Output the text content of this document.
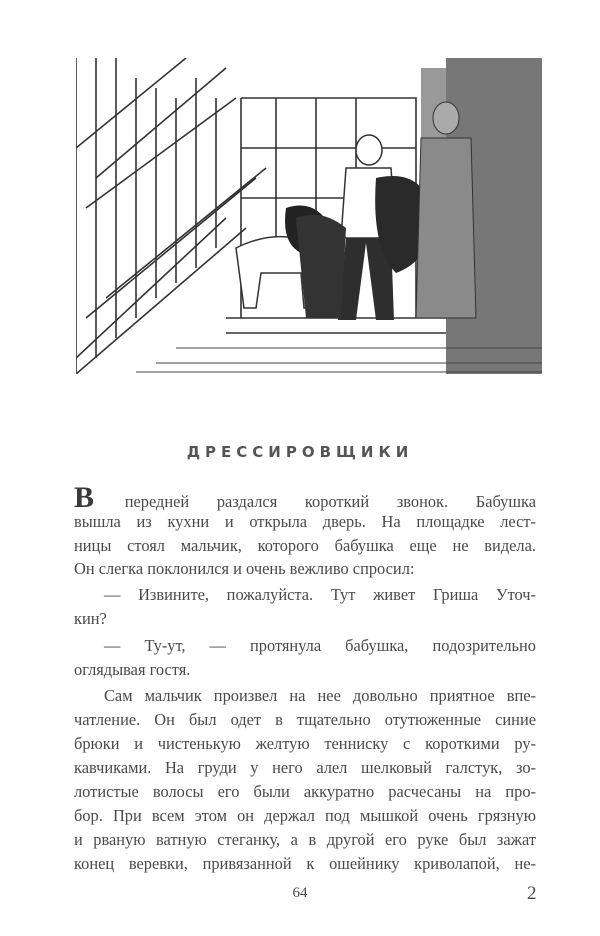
ДРЕССИРОВЩИКИ
В передней раздался короткий звонок. Бабушка
вышла из кухни и открыла дверь. На площадке лест-
ницы стоял мальчик, которого бабушка еще не видела.
Он слегка поклонился и очень вежливо спросил:
— Извините, пожалуйста. Тут живет Гриша Уточ-
кин?
— Ту-ут, — протянула бабушка, подозрительно
оглядывая гостя.
Сам мальчик произвел на нее довольно приятное впе-
чатление. Он был одет в тщательно отутюженные синие
брюки и чистенькую желтую тенниску с короткими ру-
кавчиками. На груди у него алел шелковый галстук, зо-
лотистые волосы его были аккуратно расчесаны на про-
бор. При всем этом он держал под мышкой очень грязную
и рваную ватную стеганку, а в другой его руке был зажат
конец веревки, привязанной к ошейнику криволапой, не-
64	2
